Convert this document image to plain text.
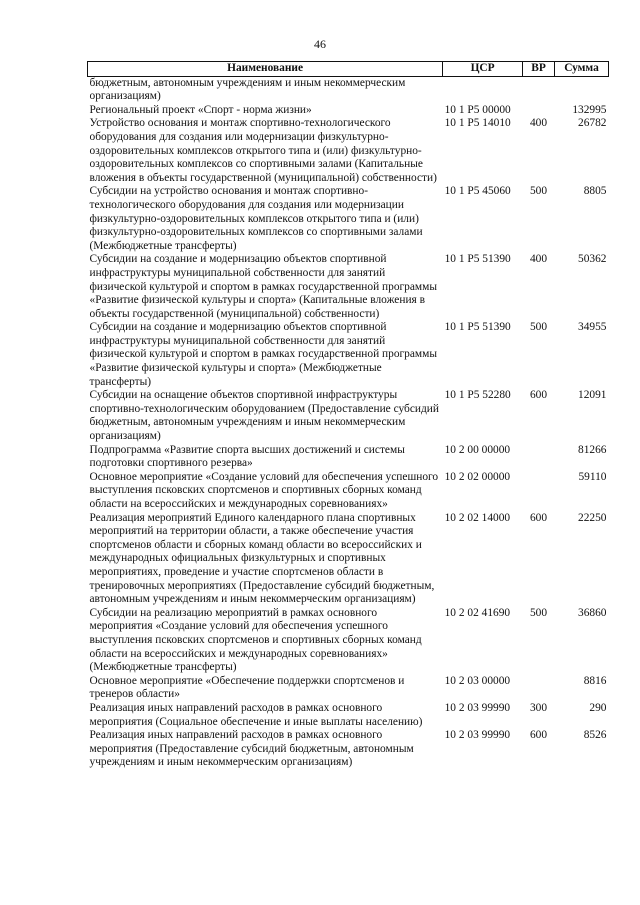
46
Наименование	ЦСР	ВР	Сумма
бюджетным, автономным учреждениям и иным некоммерческим организациям)			
Региональный проект «Спорт - норма жизни»	10 1 Р5 00000		132995
Устройство основания и монтаж спортивно-технологического оборудования для создания или модернизации физкультурно-оздоровительных комплексов открытого типа и (или) физкультурно-оздоровительных комплексов со спортивными залами (Капитальные вложения в объекты государственной (муниципальной) собственности)	10 1 Р5 14010	400	26782
Субсидии на устройство основания и монтаж спортивно-технологического оборудования для создания или модернизации физкультурно-оздоровительных комплексов открытого типа и (или) физкультурно-оздоровительных комплексов со спортивными залами (Межбюджетные трансферты)	10 1 Р5 45060	500	8805
Субсидии на создание и модернизацию объектов спортивной инфраструктуры муниципальной собственности для занятий физической культурой и спортом в рамках государственной программы «Развитие физической культуры и спорта» (Капитальные вложения в объекты государственной (муниципальной) собственности)	10 1 Р5 51390	400	50362
Субсидии на создание и модернизацию объектов спортивной инфраструктуры муниципальной собственности для занятий физической культурой и спортом в рамках государственной программы «Развитие физической культуры и спорта» (Межбюджетные трансферты)	10 1 Р5 51390	500	34955
Субсидии на оснащение объектов спортивной инфраструктуры спортивно-технологическим оборудованием (Предоставление субсидий бюджетным, автономным учреждениям и иным некоммерческим организациям)	10 1 Р5 52280	600	12091
Подпрограмма «Развитие спорта высших достижений и системы подготовки спортивного резерва»	10 2 00 00000		81266
Основное мероприятие «Создание условий для обеспечения успешного выступления псковских спортсменов и спортивных сборных команд области на всероссийских и международных соревнованиях»	10 2 02 00000		59110
Реализация мероприятий Единого календарного плана спортивных мероприятий на территории области, а также обеспечение участия спортсменов области и сборных команд области во всероссийских и международных официальных физкультурных и спортивных мероприятиях, проведение и участие спортсменов области в тренировочных мероприятиях (Предоставление субсидий бюджетным, автономным учреждениям и иным некоммерческим организациям)	10 2 02 14000	600	22250
Субсидии на реализацию мероприятий в рамках основного мероприятия «Создание условий для обеспечения успешного выступления псковских спортсменов и спортивных сборных команд области на всероссийских и международных соревнованиях» (Межбюджетные трансферты)	10 2 02 41690	500	36860
Основное мероприятие «Обеспечение поддержки спортсменов и тренеров области»	10 2 03 00000		8816
Реализация иных направлений расходов в рамках основного мероприятия (Социальное обеспечение и иные выплаты населению)	10 2 03 99990	300	290
Реализация иных направлений расходов в рамках основного мероприятия (Предоставление субсидий бюджетным, автономным учреждениям и иным некоммерческим организациям)	10 2 03 99990	600	8526
